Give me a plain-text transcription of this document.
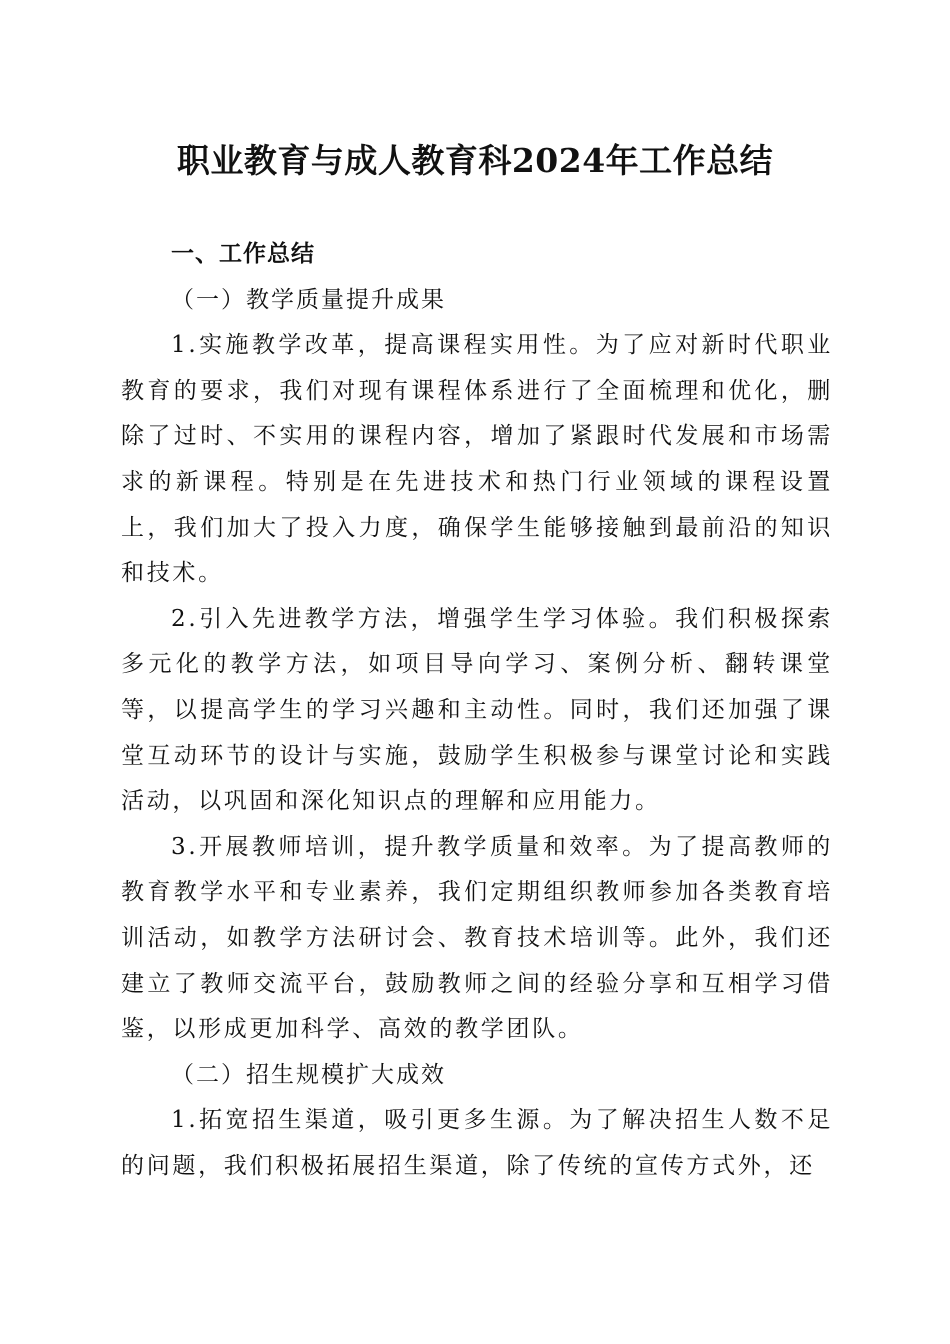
职业教育与成人教育科2024年工作总结

一、工作总结

（一）教学质量提升成果

1.实施教学改革，提高课程实用性。为了应对新时代职业教育的要求，我们对现有课程体系进行了全面梳理和优化，删除了过时、不实用的课程内容，增加了紧跟时代发展和市场需求的新课程。特别是在先进技术和热门行业领域的课程设置上，我们加大了投入力度，确保学生能够接触到最前沿的知识和技术。

2.引入先进教学方法，增强学生学习体验。我们积极探索多元化的教学方法，如项目导向学习、案例分析、翻转课堂等，以提高学生的学习兴趣和主动性。同时，我们还加强了课堂互动环节的设计与实施，鼓励学生积极参与课堂讨论和实践活动，以巩固和深化知识点的理解和应用能力。

3.开展教师培训，提升教学质量和效率。为了提高教师的教育教学水平和专业素养，我们定期组织教师参加各类教育培训活动，如教学方法研讨会、教育技术培训等。此外，我们还建立了教师交流平台，鼓励教师之间的经验分享和互相学习借鉴，以形成更加科学、高效的教学团队。

（二）招生规模扩大成效

1.拓宽招生渠道，吸引更多生源。为了解决招生人数不足的问题，我们积极拓展招生渠道，除了传统的宣传方式外，还
